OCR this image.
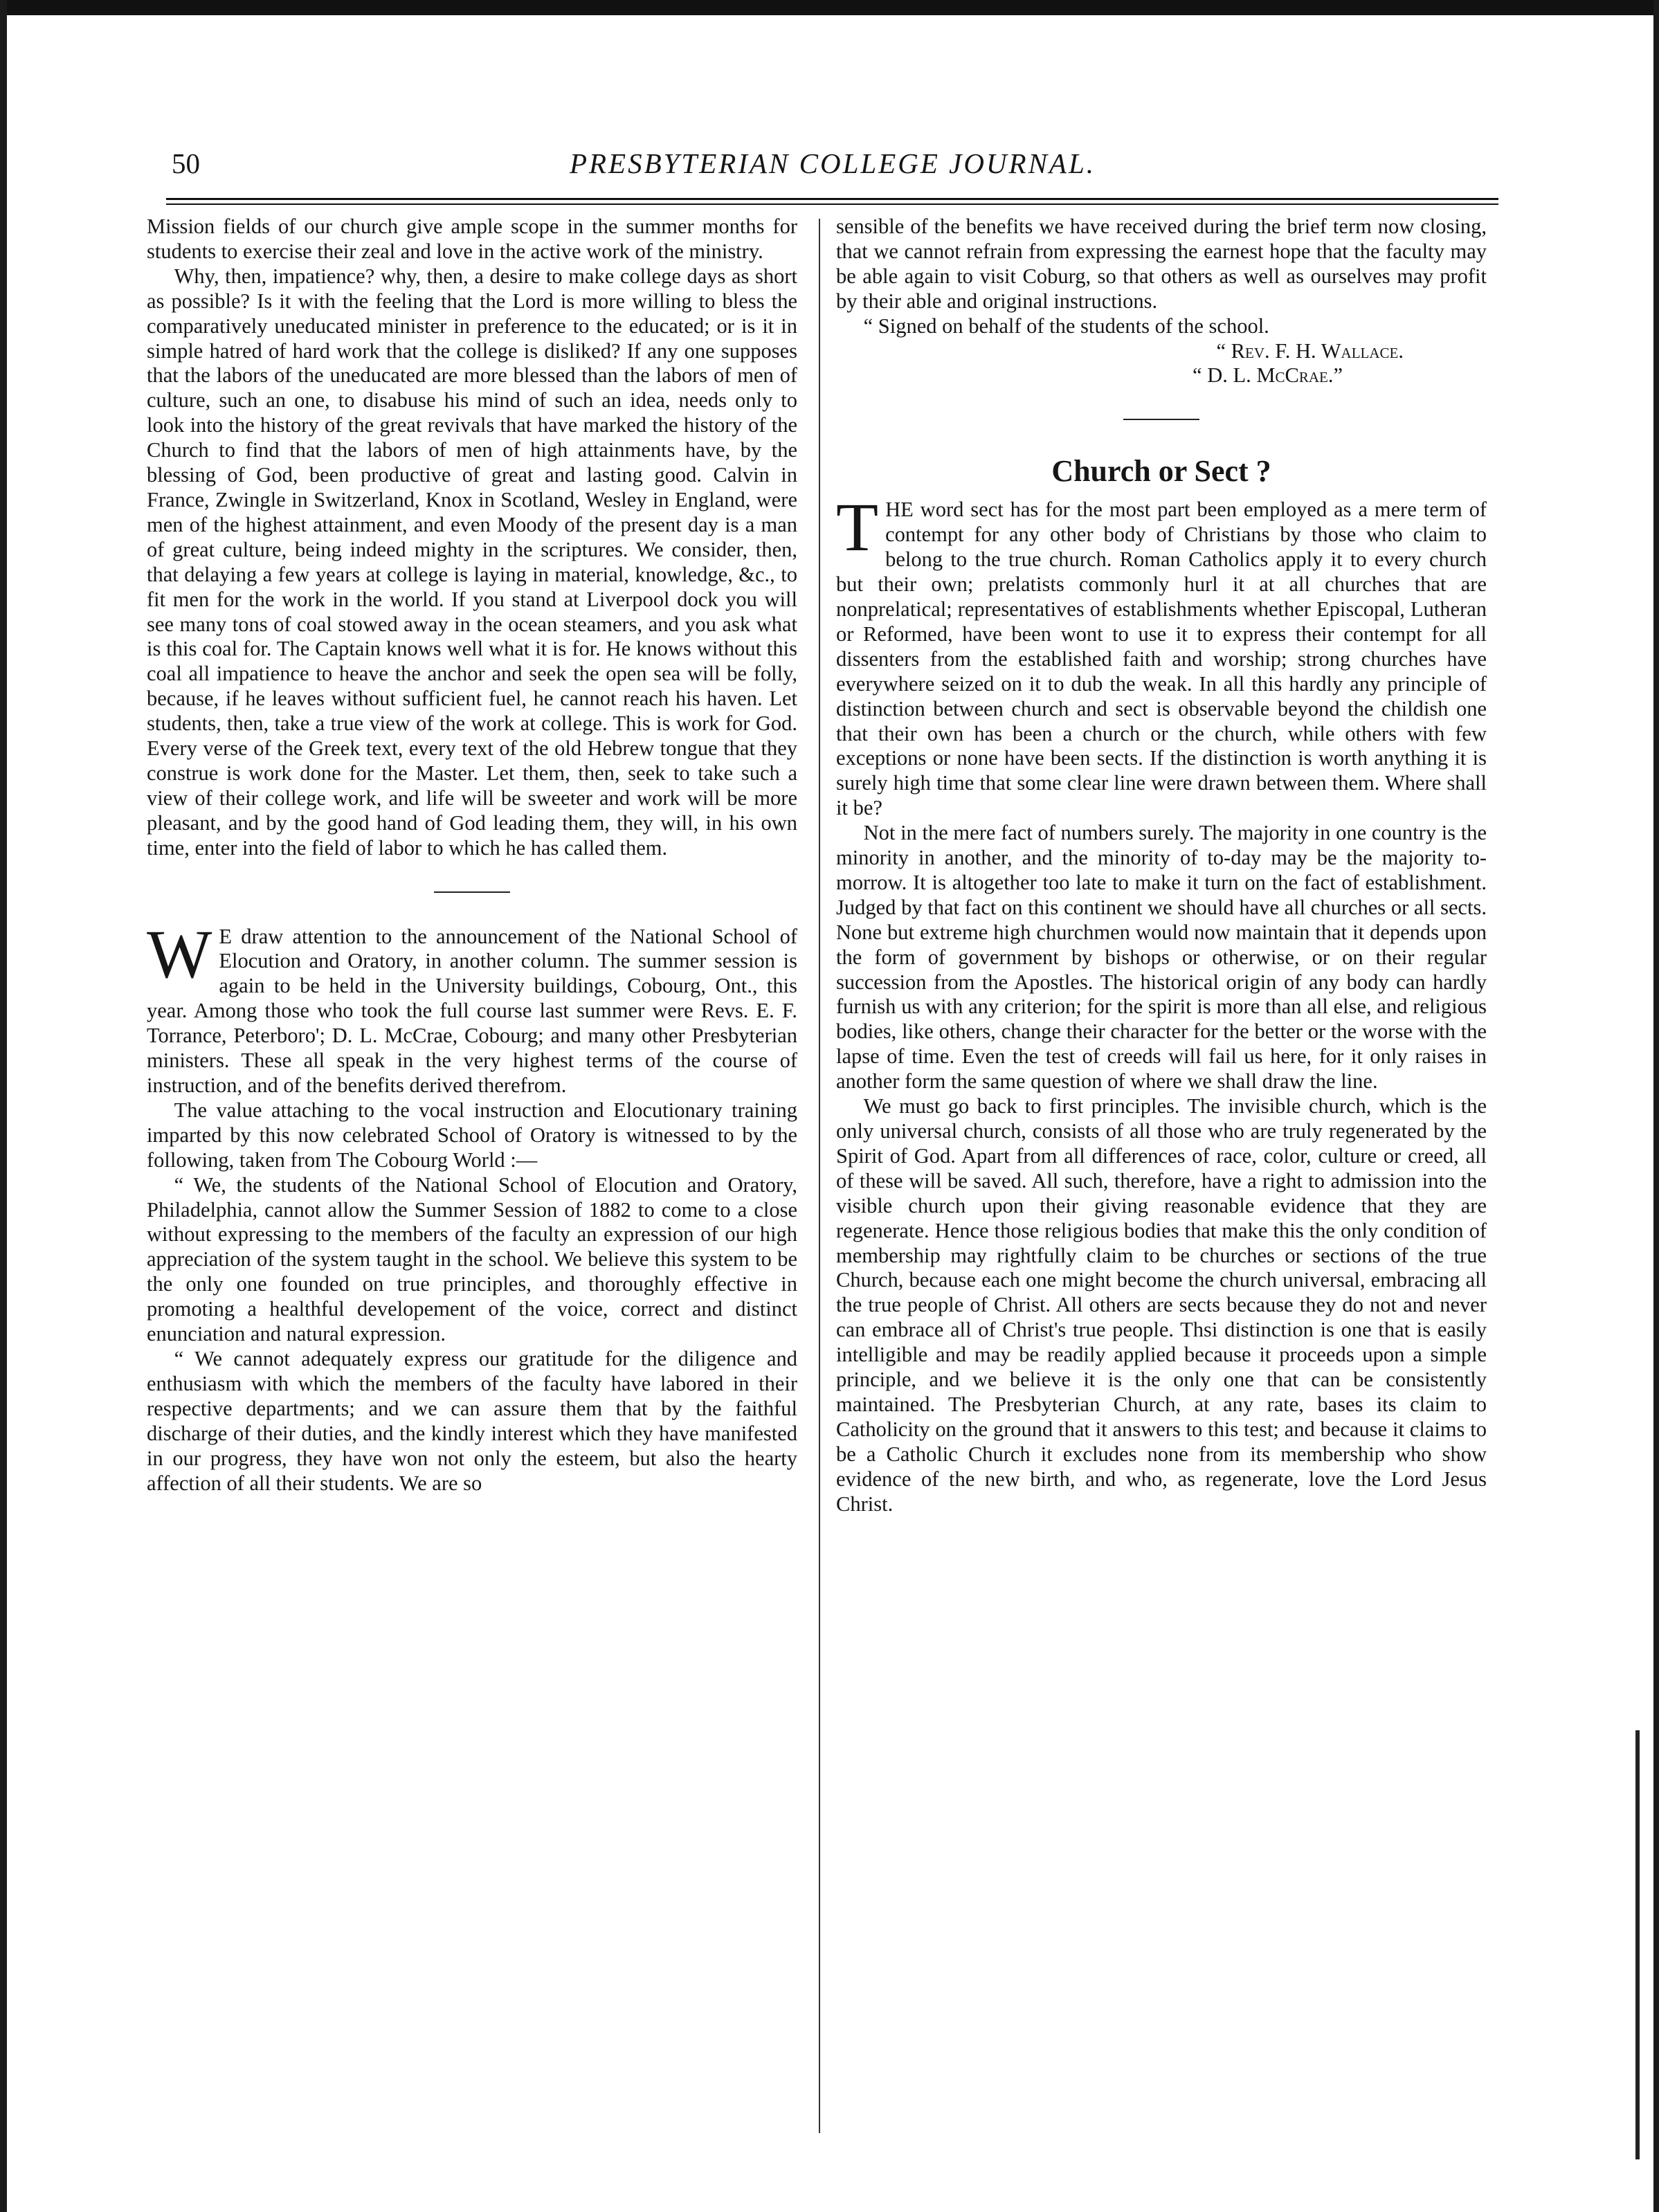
50	PRESBYTERIAN COLLEGE JOURNAL.

Mission fields of our church give ample scope in the summer months for students to exercise their zeal and love in the active work of the ministry.

Why, then, impatience? why, then, a desire to make college days as short as possible? Is it with the feeling that the Lord is more willing to bless the comparatively uneducated minister in preference to the educated; or is it in simple hatred of hard work that the college is disliked? If any one supposes that the labors of the uneducated are more blessed than the labors of men of culture, such an one, to disabuse his mind of such an idea, needs only to look into the history of the great revivals that have marked the history of the Church to find that the labors of men of high attainments have, by the blessing of God, been productive of great and lasting good. Calvin in France, Zwingle in Switzerland, Knox in Scotland, Wesley in England, were men of the highest attainment, and even Moody of the present day is a man of great culture, being indeed mighty in the scriptures. We consider, then, that delaying a few years at college is laying in material, knowledge, &c., to fit men for the work in the world. If you stand at Liverpool dock you will see many tons of coal stowed away in the ocean steamers, and you ask what is this coal for. The Captain knows well what it is for. He knows without this coal all impatience to heave the anchor and seek the open sea will be folly, because, if he leaves without sufficient fuel, he cannot reach his haven. Let students, then, take a true view of the work at college. This is work for God. Every verse of the Greek text, every text of the old Hebrew tongue that they construe is work done for the Master. Let them, then, seek to take such a view of their college work, and life will be sweeter and work will be more pleasant, and by the good hand of God leading them, they will, in his own time, enter into the field of labor to which he has called them.

W E draw attention to the announcement of the National School of Elocution and Oratory, in another column. The summer session is again to be held in the University buildings, Cobourg, Ont., this year. Among those who took the full course last summer were Revs. E. F. Torrance, Peterboro'; D. L. McCrae, Cobourg; and many other Presbyterian ministers. These all speak in the very highest terms of the course of instruction, and of the benefits derived therefrom.

The value attaching to the vocal instruction and Elocutionary training imparted by this now celebrated School of Oratory is witnessed to by the following, taken from The Cobourg World :—

“ We, the students of the National School of Elocution and Oratory, Philadelphia, cannot allow the Summer Session of 1882 to come to a close without expressing to the members of the faculty an expression of our high appreciation of the system taught in the school. We believe this system to be the only one founded on true principles, and thoroughly effective in promoting a healthful developement of the voice, correct and distinct enunciation and natural expression.

“ We cannot adequately express our gratitude for the diligence and enthusiasm with which the members of the faculty have labored in their respective departments; and we can assure them that by the faithful discharge of their duties, and the kindly interest which they have manifested in our progress, they have won not only the esteem, but also the hearty affection of all their students. We are so

sensible of the benefits we have received during the brief term now closing, that we cannot refrain from expressing the earnest hope that the faculty may be able again to visit Coburg, so that others as well as ourselves may profit by their able and original instructions.

“ Signed on behalf of the students of the school.

“ Rev. F. H. Wallace.
“ D. L. McCrae.”
Church or Sect ?

THE word sect has for the most part been employed as a mere term of contempt for any other body of Christians by those who claim to belong to the true church. Roman Catholics apply it to every church but their own; prelatists commonly hurl it at all churches that are nonprelatical; representatives of establishments whether Episcopal, Lutheran or Reformed, have been wont to use it to express their contempt for all dissenters from the established faith and worship; strong churches have everywhere seized on it to dub the weak. In all this hardly any principle of distinction between church and sect is observable beyond the childish one that their own has been a church or the church, while others with few exceptions or none have been sects. If the distinction is worth anything it is surely high time that some clear line were drawn between them. Where shall it be?

Not in the mere fact of numbers surely. The majority in one country is the minority in another, and the minority of to-day may be the majority to-morrow. It is altogether too late to make it turn on the fact of establishment. Judged by that fact on this continent we should have all churches or all sects. None but extreme high churchmen would now maintain that it depends upon the form of government by bishops or otherwise, or on their regular succession from the Apostles. The historical origin of any body can hardly furnish us with any criterion; for the spirit is more than all else, and religious bodies, like others, change their character for the better or the worse with the lapse of time. Even the test of creeds will fail us here, for it only raises in another form the same question of where we shall draw the line.

We must go back to first principles. The invisible church, which is the only universal church, consists of all those who are truly regenerated by the Spirit of God. Apart from all differences of race, color, culture or creed, all of these will be saved. All such, therefore, have a right to admission into the visible church upon their giving reasonable evidence that they are regenerate. Hence those religious bodies that make this the only condition of membership may rightfully claim to be churches or sections of the true Church, because each one might become the church universal, embracing all the true people of Christ. All others are sects because they do not and never can embrace all of Christ's true people. Thsi distinction is one that is easily intelligible and may be readily applied because it proceeds upon a simple principle, and we believe it is the only one that can be consistently maintained. The Presbyterian Church, at any rate, bases its claim to Catholicity on the ground that it answers to this test; and because it claims to be a Catholic Church it excludes none from its membership who show evidence of the new birth, and who, as regenerate, love the Lord Jesus Christ.
